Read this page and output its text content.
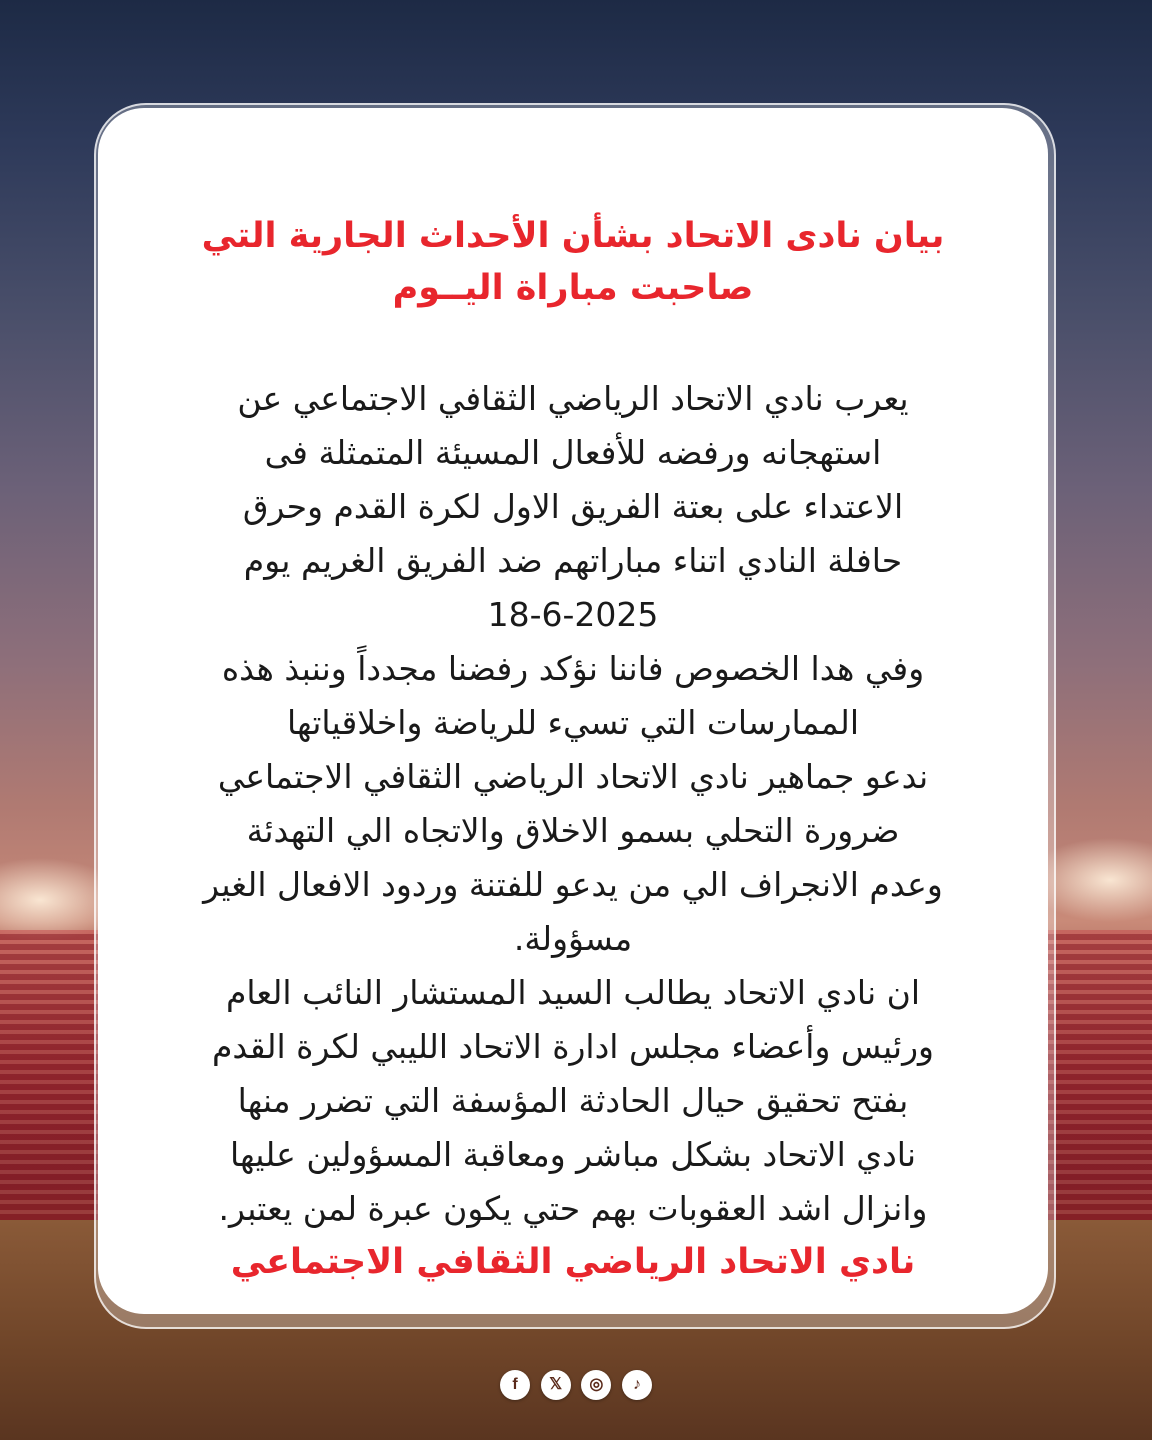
بيان نادى الاتحاد بشأن الأحداث الجارية التي
صاحبت مباراة اليــوم
يعرب نادي الاتحاد الرياضي الثقافي الاجتماعي عن
استهجانه ورفضه للأفعال المسيئة المتمثلة فى
الاعتداء على بعتة الفريق الاول لكرة القدم وحرق
حافلة النادي اتناء مباراتهم ضد الفريق الغريم يوم
18-6-2025
وفي هدا الخصوص فاننا نؤكد رفضنا مجدداً وننبذ هذه
الممارسات التي تسيء للرياضة واخلاقياتها
ندعو جماهير نادي الاتحاد الرياضي الثقافي الاجتماعي
ضرورة التحلي بسمو الاخلاق والاتجاه الي التهدئة
وعدم الانجراف الي من يدعو للفتنة وردود الافعال الغير
مسؤولة.
ان نادي الاتحاد يطالب السيد المستشار النائب العام
ورئيس وأعضاء مجلس ادارة الاتحاد الليبي لكرة القدم
بفتح تحقيق حيال الحادثة المؤسفة التي تضرر منها
نادي الاتحاد بشكل مباشر ومعاقبة المسؤولين عليها
وانزال اشد العقوبات بهم حتي يكون عبرة لمن يعتبر.
نادي الاتحاد الرياضي الثقافي الاجتماعي
f	𝕏	◎	♪
